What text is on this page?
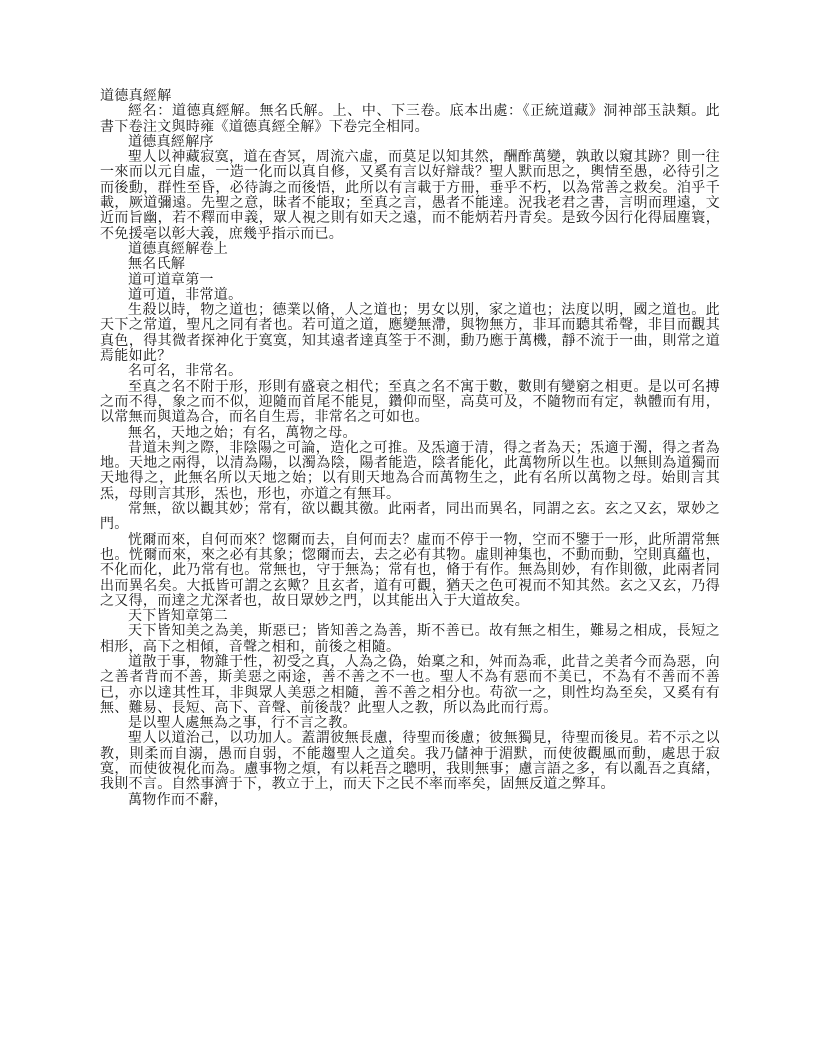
道德真經解

經名：道德真經解。無名氏解。上、中、下三卷。底本出處：《正統道藏》洞神部玉訣類。此書下卷注文與時雍《道德真經全解》下卷完全相同。

道德真經解序

聖人以神藏寂寞，道在杳冥，周流六虛，而莫足以知其然，酬酢萬變，孰敢以窺其跡？則一往一來而以元自虛，一造一化而以真自修，又奚有言以好辯哉？聖人默而思之，輿情至愚，必待引之而後動，群性至昏，必待誨之而後悟，此所以有言載于方冊，垂乎不朽，以為常善之救矣。洎乎千載，厥道彌遠。先聖之意，昧者不能取；至真之言，愚者不能達。況我老君之書，言明而理遠，文近而旨幽，若不釋而申義，眾人視之則有如天之遠，而不能炳若丹青矣。是致今因行化得屆塵寰，不免援亳以彰大義，庶幾乎指示而已。

道德真經解卷上

無名氏解

道可道章第一

道可道，非常道。

生殺以時，物之道也；德業以脩，人之道也；男女以別，家之道也；法度以明，國之道也。此天下之常道，聖凡之同有者也。若可道之道，應變無滯，與物無方，非耳而聽其希聲，非目而觀其真色，得其微者探神化于寞寞，知其遠者達真筌于不測，動乃應于萬機，靜不流于一曲，則常之道焉能如此？

名可名，非常名。

至真之名不附于形，形則有盛衰之相代；至真之名不寓于數，數則有變窮之相更。是以可名搏之而不得，象之而不似，迎隨而首尾不能見，鑽仰而堅，高莫可及，不隨物而有定，執體而有用，以常無而與道為合，而名自生焉，非常名之可如也。

無名，天地之始；有名，萬物之母。

昔道未判之際，非陰陽之可論，造化之可推。及炁適于清，得之者為天；炁適于濁，得之者為地。天地之兩得，以清為陽，以濁為陰，陽者能造，陰者能化，此萬物所以生也。以無則為道獨而天地得之，此無名所以天地之始；以有則天地為合而萬物生之，此有名所以萬物之母。始則言其炁，母則言其形，炁也，形也，亦道之有無耳。

常無，欲以觀其妙；常有，欲以觀其徼。此兩者，同出而異名，同謂之玄。玄之又玄，眾妙之門。

恍爾而來，自何而來？惚爾而去，自何而去？虛而不停于一物，空而不鑒于一形，此所謂常無也。恍爾而來，來之必有其象；惚爾而去，去之必有其物。虛則神集也，不動而動，空則真蘊也，不化而化，此乃常有也。常無也，守于無為；常有也，脩于有作。無為則妙，有作則徼，此兩者同出而異名矣。大抵皆可謂之玄歟？且玄者，道有可觀，猶天之色可視而不知其然。玄之又玄，乃得之又得，而達之尤深者也，故日眾妙之門，以其能出入于大道故矣。

天下皆知章第二

天下皆知美之為美，斯惡已；皆知善之為善，斯不善已。故有無之相生，難易之相成，長短之相形，高下之相傾，音聲之相和，前後之相隨。

道散于事，物雜于性，初受之真，人為之偽，始稟之和，舛而為乖，此昔之美者今而為惡，向之善者背而不善，斯美惡之兩途，善不善之不一也。聖人不為有惡而不美已，不為有不善而不善已，亦以達其性耳，非與眾人美惡之相隨，善不善之相分也。苟欲一之，則性均為至矣，又奚有有無、難易、長短、高下、音聲、前後哉？此聖人之教，所以為此而行焉。

是以聖人處無為之事，行不言之教。

聖人以道治己，以功加人。蓋謂彼無長慮，待聖而後慮；彼無獨見，待聖而後見。若不示之以教，則柔而自溺，愚而自弱，不能趨聖人之道矣。我乃儲神于湄默，而使彼觀風而動，處思于寂寞，而使彼視化而為。慮事物之煩，有以耗吾之聰明，我則無事；慮言語之多，有以亂吾之真緒，我則不言。自然事濟于下，教立于上，而天下之民不率而率矣，固無反道之弊耳。

萬物作而不辭，
